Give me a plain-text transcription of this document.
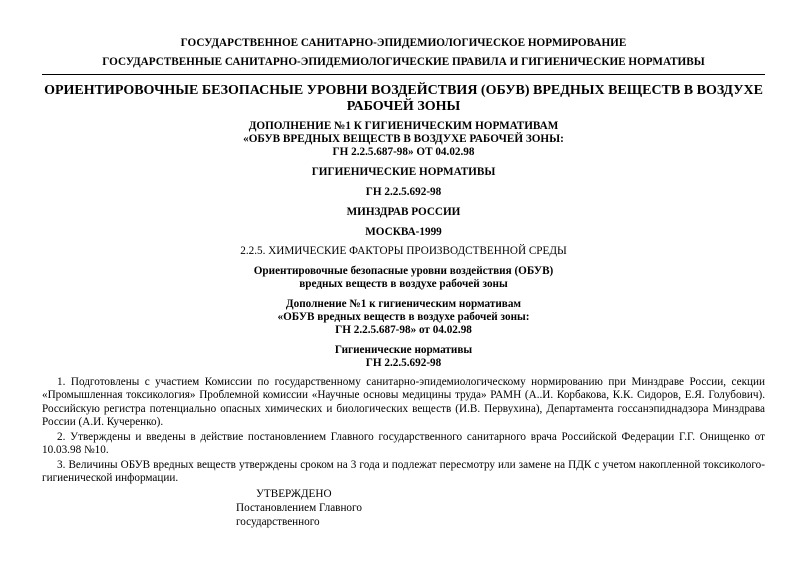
ГОСУДАРСТВЕННОЕ САНИТАРНО-ЭПИДЕМИОЛОГИЧЕСКОЕ НОРМИРОВАНИЕ
ГОСУДАРСТВЕННЫЕ САНИТАРНО-ЭПИДЕМИОЛОГИЧЕСКИЕ ПРАВИЛА И ГИГИЕНИЧЕСКИЕ НОРМАТИВЫ
ОРИЕНТИРОВОЧНЫЕ БЕЗОПАСНЫЕ УРОВНИ ВОЗДЕЙСТВИЯ (ОБУВ) ВРЕДНЫХ ВЕЩЕСТВ В ВОЗДУХЕ РАБОЧЕЙ ЗОНЫ
ДОПОЛНЕНИЕ №1 К ГИГИЕНИЧЕСКИМ НОРМАТИВАМ
«ОБУВ ВРЕДНЫХ ВЕЩЕСТВ В ВОЗДУХЕ РАБОЧЕЙ ЗОНЫ:
ГН 2.2.5.687-98» ОТ 04.02.98
ГИГИЕНИЧЕСКИЕ НОРМАТИВЫ
ГН 2.2.5.692-98
МИНЗДРАВ РОССИИ
МОСКВА-1999
2.2.5. ХИМИЧЕСКИЕ ФАКТОРЫ ПРОИЗВОДСТВЕННОЙ СРЕДЫ
Ориентировочные безопасные уровни воздействия (ОБУВ)
вредных веществ в воздухе рабочей зоны
Дополнение №1 к гигиеническим нормативам
«ОБУВ вредных веществ в воздухе рабочей зоны:
ГН 2.2.5.687-98» от 04.02.98
Гигиенические нормативы
ГН 2.2.5.692-98

1. Подготовлены с участием Комиссии по государственному санитарно-эпидемиологическому нормированию при Минздраве России, секции «Промышленная токсикология» Проблемной комиссии «Научные основы медицины труда» РАМН (А..И. Корбакова, К.К. Сидоров, Е.Я. Голубович). Российскую регистра потенциально опасных химических и биологических веществ (И.В. Первухина), Департамента госсанэпиднадзора Минздрава России (А.И. Кучеренко).

2. Утверждены и введены в действие постановлением Главного государственного санитарного врача Российской Федерации Г.Г. Онищенко от 10.03.98 №10.

3. Величины ОБУВ вредных веществ утверждены сроком на 3 года и подлежат пересмотру или замене на ПДК с учетом накопленной токсиколого-гигиенической информации.

УТВЕРЖДЕНО
Постановлением Главного
государственного
